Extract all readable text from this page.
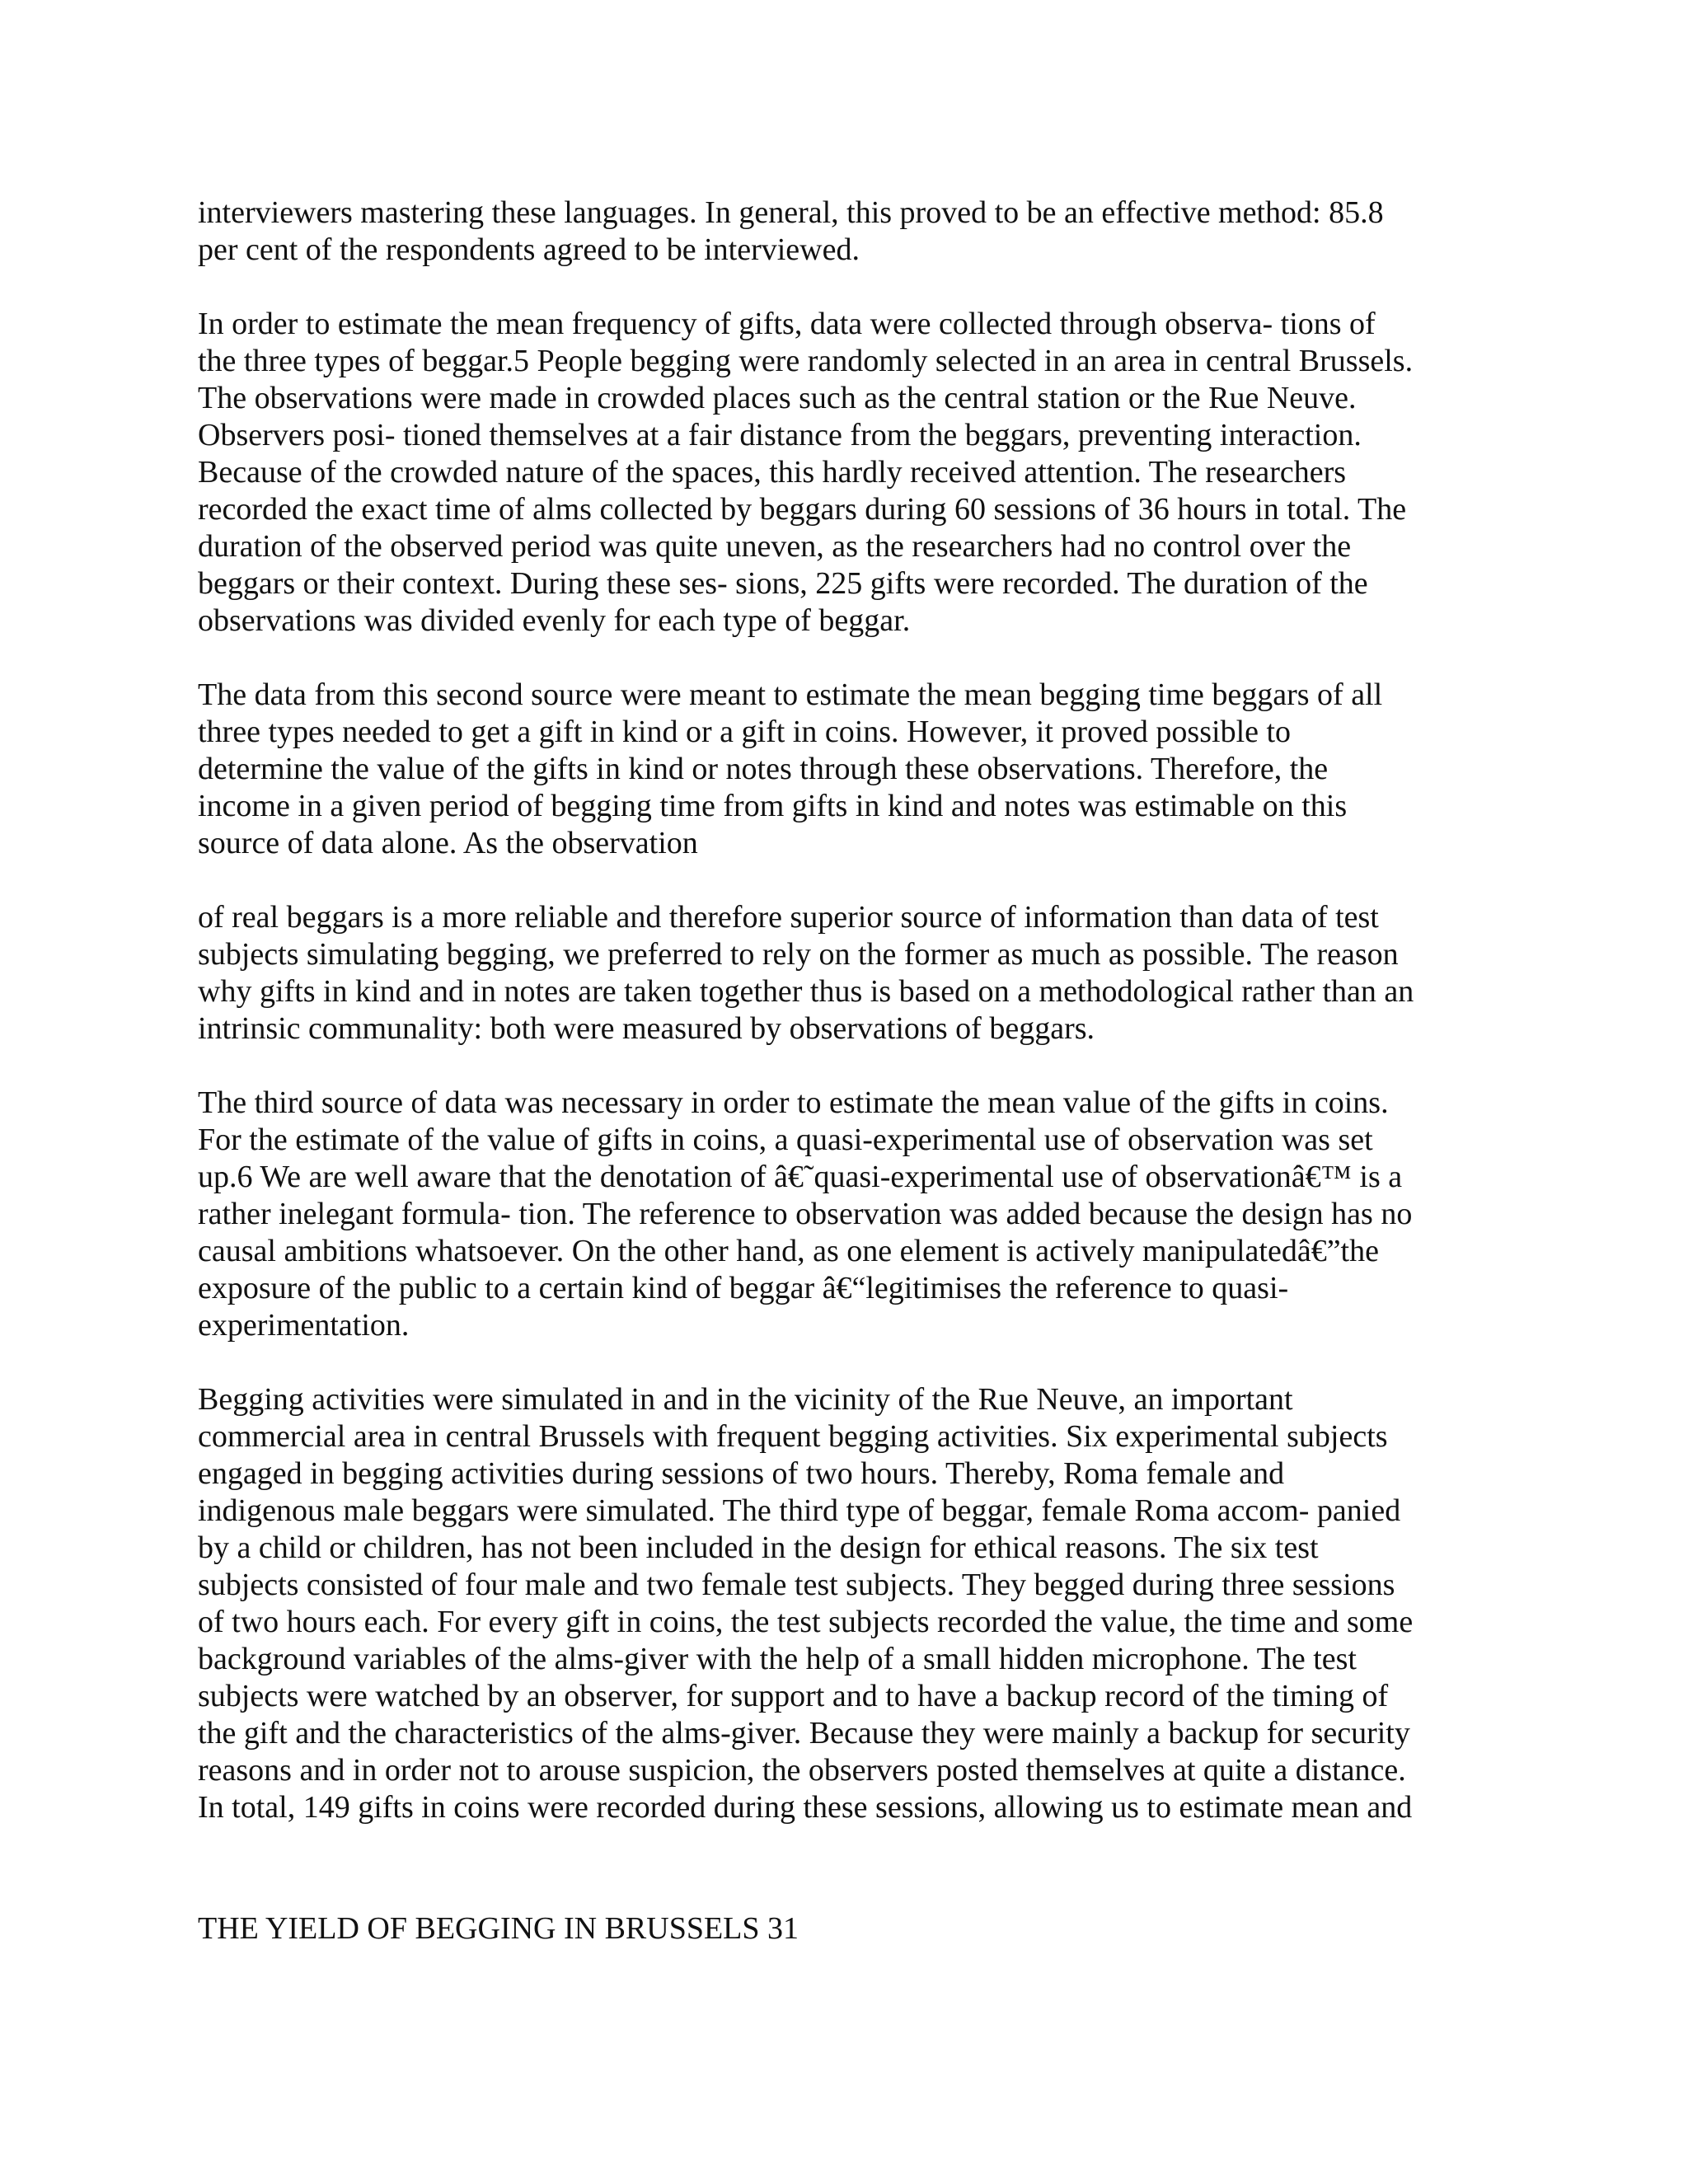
interviewers mastering these languages. In general, this proved to be an effective method: 85.8
per cent of the respondents agreed to be interviewed.

In order to estimate the mean frequency of gifts, data were collected through observa- tions of
the three types of beggar.5 People begging were randomly selected in an area in central Brussels.
The observations were made in crowded places such as the central station or the Rue Neuve.
Observers posi- tioned themselves at a fair distance from the beggars, preventing interaction.
Because of the crowded nature of the spaces, this hardly received attention. The researchers
recorded the exact time of alms collected by beggars during 60 sessions of 36 hours in total. The
duration of the observed period was quite uneven, as the researchers had no control over the
beggars or their context. During these ses- sions, 225 gifts were recorded. The duration of the
observations was divided evenly for each type of beggar.

The data from this second source were meant to estimate the mean begging time beggars of all
three types needed to get a gift in kind or a gift in coins. However, it proved possible to
determine the value of the gifts in kind or notes through these observations. Therefore, the
income in a given period of begging time from gifts in kind and notes was estimable on this
source of data alone. As the observation

of real beggars is a more reliable and therefore superior source of information than data of test
subjects simulating begging, we preferred to rely on the former as much as possible. The reason
why gifts in kind and in notes are taken together thus is based on a methodological rather than an
intrinsic communality: both were measured by observations of beggars.

The third source of data was necessary in order to estimate the mean value of the gifts in coins.
For the estimate of the value of gifts in coins, a quasi-experimental use of observation was set
up.6 We are well aware that the denotation of â€˜quasi-experimental use of observationâ€™ is a
rather inelegant formula- tion. The reference to observation was added because the design has no
causal ambitions whatsoever. On the other hand, as one element is actively manipulatedâ€”the
exposure of the public to a certain kind of beggar â€“legitimises the reference to quasi-
experimentation.

Begging activities were simulated in and in the vicinity of the Rue Neuve, an important
commercial area in central Brussels with frequent begging activities. Six experimental subjects
engaged in begging activities during sessions of two hours. Thereby, Roma female and
indigenous male beggars were simulated. The third type of beggar, female Roma accom- panied
by a child or children, has not been included in the design for ethical reasons. The six test
subjects consisted of four male and two female test subjects. They begged during three sessions
of two hours each. For every gift in coins, the test subjects recorded the value, the time and some
background variables of the alms-giver with the help of a small hidden microphone. The test
subjects were watched by an observer, for support and to have a backup record of the timing of
the gift and the characteristics of the alms-giver. Because they were mainly a backup for security
reasons and in order not to arouse suspicion, the observers posted themselves at quite a distance.
In total, 149 gifts in coins were recorded during these sessions, allowing us to estimate mean and

THE YIELD OF BEGGING IN BRUSSELS 31
